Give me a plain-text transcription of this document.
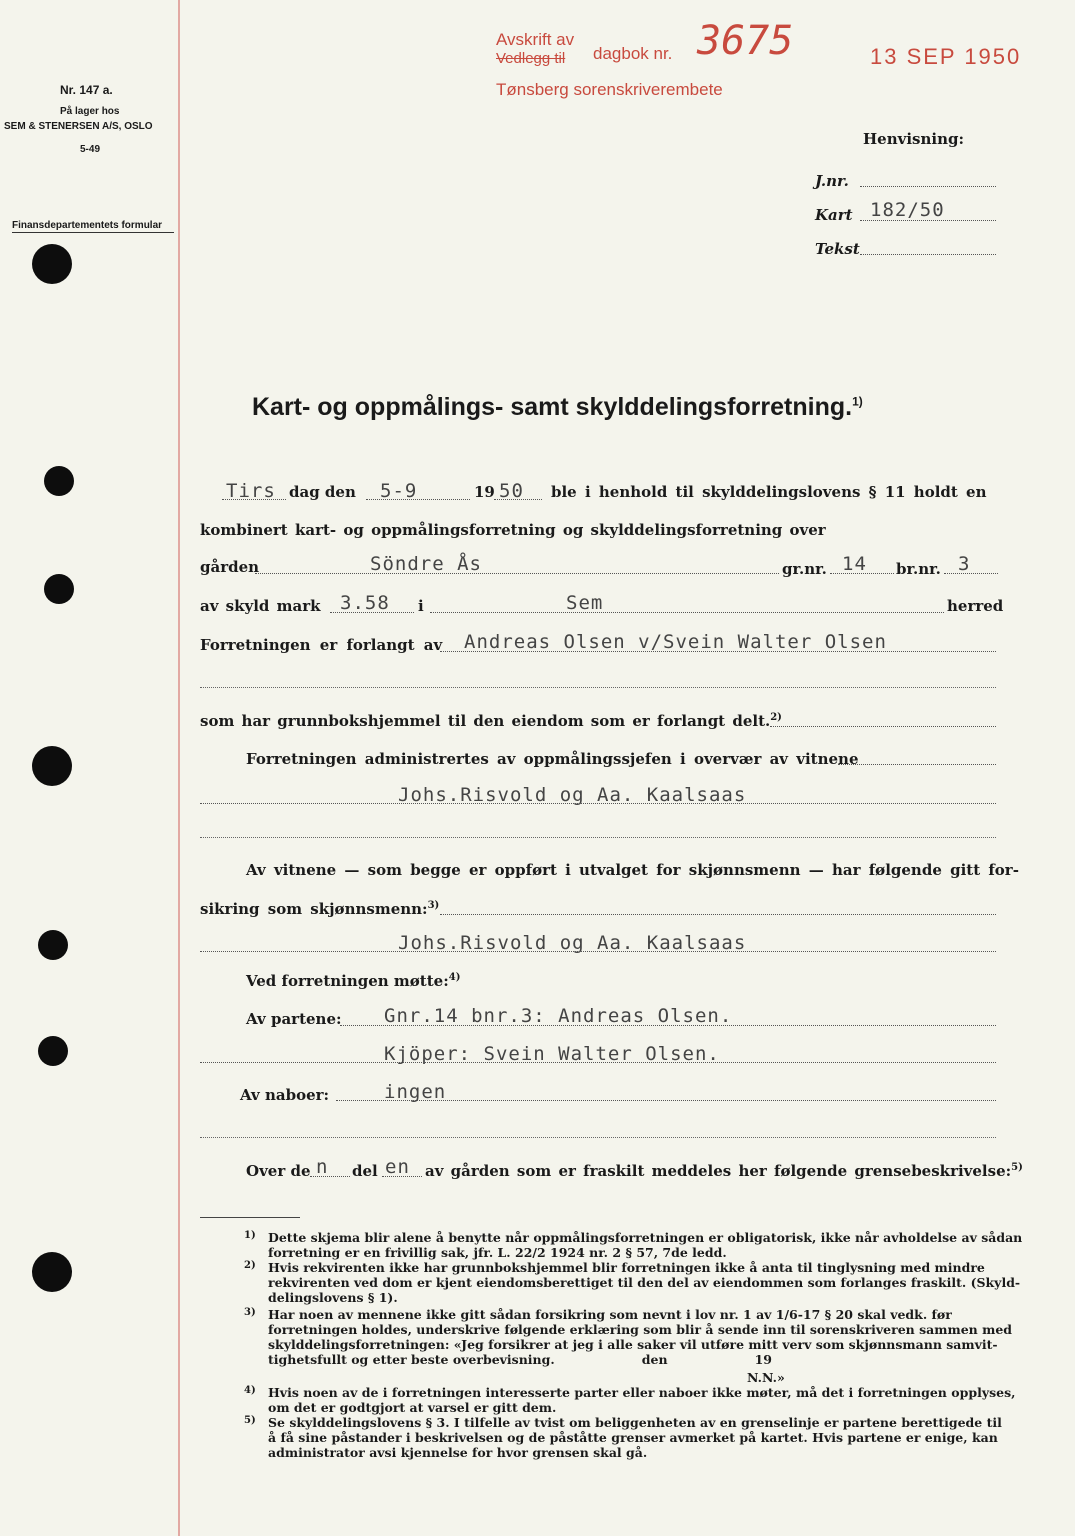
Nr. 147 a.
På lager hos
SEM & STENERSEN A/S, OSLO
5-49
Finansdepartementets formular
Avskrift av
Vedlegg til dagbok nr. 3675	13 SEP 1950
Tønsberg sorenskriverembete
Henvisning:
J.nr.
Kart 182/50
Tekst
Kart- og oppmålings- samt skylddelingsforretning.$^{1)}$
Tirs dag den 5-9	19 50 ble i henhold til skylddelingslovens § 11 holdt en
kombinert kart- og oppmålingsforretning og skylddelingsforretning over
gården	Söndre Ås	gr.nr. 14 br.nr. 3
av skyld mark 3.58 i	Sem	herred
Forretningen er forlangt av Andreas Olsen v/Svein Walter Olsen
som har grunnbokshjemmel til den eiendom som er forlangt delt.$^{2)}$
Forretningen administrertes av oppmålingssjefen i overvær av vitnene
Johs.Risvold og Aa. Kaalsaas
Av vitnene — som begge er oppført i utvalget for skjønnsmenn — har følgende gitt for-
sikring som skjønnsmenn:$^{3)}$
Johs.Risvold og Aa. Kaalsaas
Ved forretningen møtte:$^{4)}$
Av partene: Gnr.14 bnr.3: Andreas Olsen.
Kjöper: Svein Walter Olsen.
Av naboer:	ingen
Over de n del en av gården som er fraskilt meddeles her følgende grensebeskrivelse:$^{5)}$
1) Dette skjema blir alene å benytte når oppmålingsforretningen er obligatorisk, ikke når avholdelse av sådan
forretning er en frivillig sak, jfr. L. 22/2 1924 nr. 2 § 57, 7de ledd.
2) Hvis rekvirenten ikke har grunnbokshjemmel blir forretningen ikke å anta til tinglysning med mindre
rekvirenten ved dom er kjent eiendomsberettiget til den del av eiendommen som forlanges fraskilt. (Skyld-
delingslovens § 1).
3) Har noen av mennene ikke gitt sådan forsikring som nevnt i lov nr. 1 av 1/6-17 § 20 skal vedk. før
forretningen holdes, underskrive følgende erklæring som blir å sende inn til sorenskriveren sammen med
skylddelingsforretningen: «Jeg forsikrer at jeg i alle saker vil utføre mitt verv som skjønnsmann samvit-
tighetsfullt og etter beste overbevisning.                    den                    19
N.N.»
4) Hvis noen av de i forretningen interesserte parter eller naboer ikke møter, må det i forretningen opplyses,
om det er godtgjort at varsel er gitt dem.
5) Se skylddelingslovens § 3. I tilfelle av tvist om beliggenheten av en grenselinje er partene berettigede til
å få sine påstander i beskrivelsen og de påståtte grenser avmerket på kartet. Hvis partene er enige, kan
administrator avsi kjennelse for hvor grensen skal gå.
